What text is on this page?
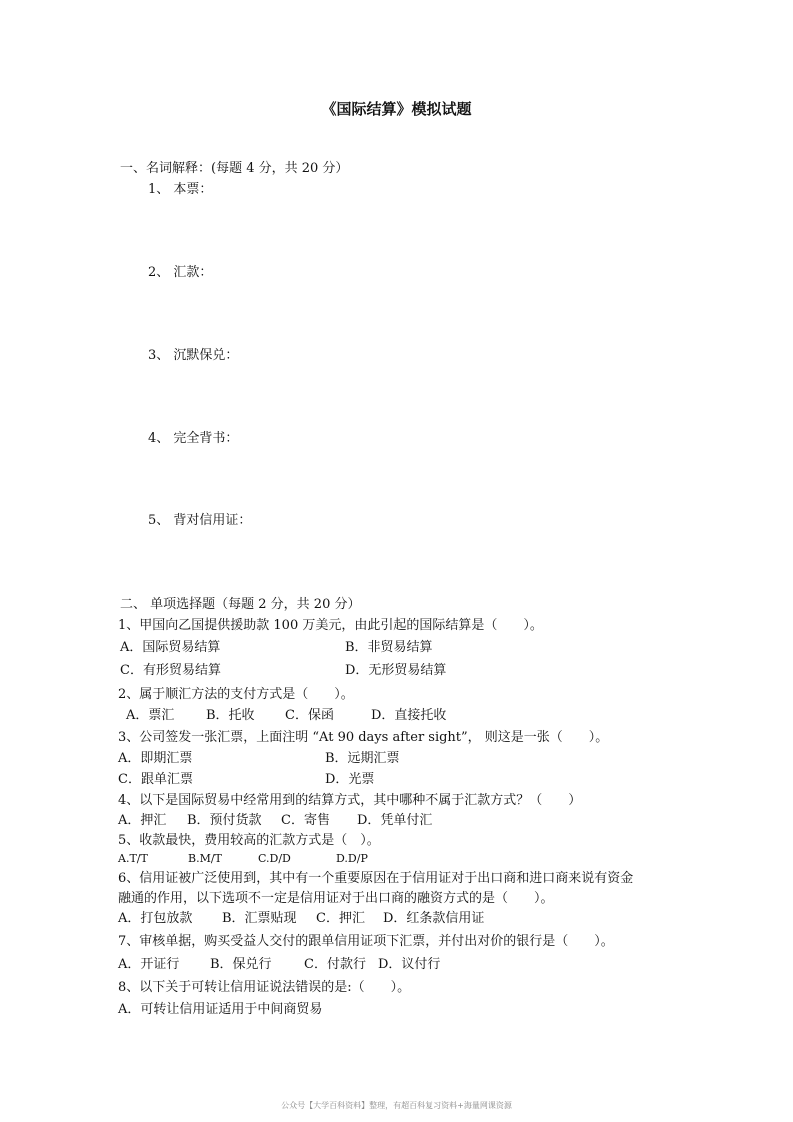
《国际结算》模拟试题
一、名词解释：(每题 4 分，共 20 分）
1、 本票：
2、 汇款：
3、 沉默保兑：
4、 完全背书：
5、 背对信用证：
二、 单项选择题（每题 2 分，共 20 分）
1、甲国向乙国提供援助款 100 万美元，由此引起的国际结算是（　　）。
A．国际贸易结算	B．非贸易结算
C．有形贸易结算	D．无形贸易结算
2、属于顺汇方法的支付方式是（　　）。
A．票汇 B．托收 C．保函	D．直接托收
3、公司签发一张汇票，上面注明 “At 90 days after sight”， 则这是一张（　　）。
A．即期汇票	B．远期汇票
C．跟单汇票	D．光票
4、以下是国际贸易中经常用到的结算方式，其中哪种不属于汇款方式？（　　）
A．押汇 B．预付货款 C．寄售 D．凭单付汇
5、收款最快，费用较高的汇款方式是（　）。
A.T/T	B.M/T	C.D/D	D.D/P
6、信用证被广泛使用到，其中有一个重要原因在于信用证对于出口商和进口商来说有资金
融通的作用，以下选项不一定是信用证对于出口商的融资方式的是（　　）。
A．打包放款 B．汇票贴现 C．押汇 D．红条款信用证
7、审核单据，购买受益人交付的跟单信用证项下汇票，并付出对价的银行是（　　）。
A．开证行 B．保兑行 C．付款行 D．议付行
8、以下关于可转让信用证说法错误的是:（　　）。
A．可转让信用证适用于中间商贸易
公众号【大学百科资料】整理，有超百科复习资料+海量网课资源
